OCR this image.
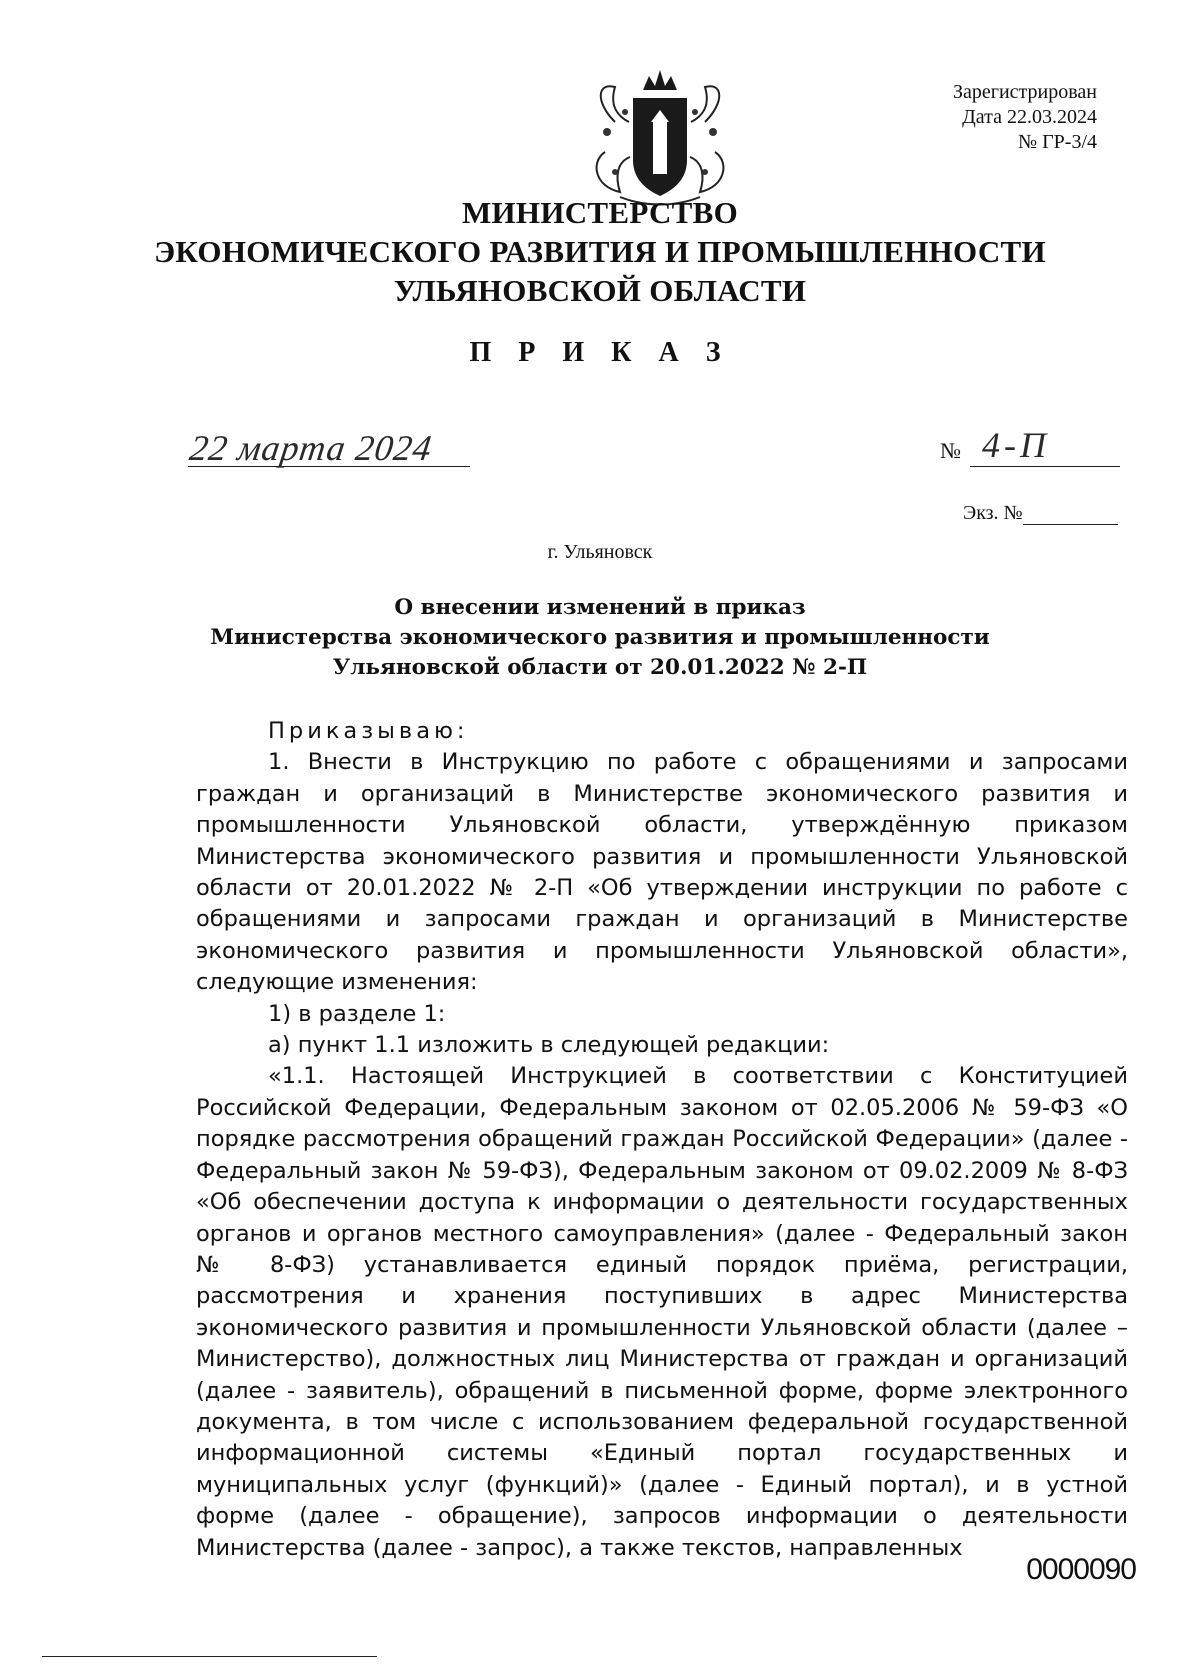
Зарегистрирован
Дата 22.03.2024
№ ГР-3/4
МИНИСТЕРСТВО
ЭКОНОМИЧЕСКОГО РАЗВИТИЯ И ПРОМЫШЛЕННОСТИ
УЛЬЯНОВСКОЙ ОБЛАСТИ
П Р И К А З
22 марта 2024	№ 4-П
Экз. №
г. Ульяновск
О внесении изменений в приказ
Министерства экономического развития и промышленности
Ульяновской области от 20.01.2022 № 2-П

Приказываю:

1. Внести в Инструкцию по работе с обращениями и запросами граждан и организаций в Министерстве экономического развития и промышленности Ульяновской области, утверждённую приказом Министерства экономического развития и промышленности Ульяновской области от 20.01.2022 № 2-П «Об утверждении инструкции по работе с обращениями и запросами граждан и организаций в Министерстве экономического развития и промышленности Ульяновской области», следующие изменения:

1) в разделе 1:

а) пункт 1.1 изложить в следующей редакции:

«1.1. Настоящей Инструкцией в соответствии с Конституцией Российской Федерации, Федеральным законом от 02.05.2006 № 59-ФЗ «О порядке рассмотрения обращений граждан Российской Федерации» (далее - Федеральный закон № 59-ФЗ), Федеральным законом от 09.02.2009 № 8-ФЗ «Об обеспечении доступа к информации о деятельности государственных органов и органов местного самоуправления» (далее - Федеральный закон № 8-ФЗ) устанавливается единый порядок приёма, регистрации, рассмотрения и хранения поступивших в адрес Министерства экономического развития и промышленности Ульяновской области (далее – Министерство), должностных лиц Министерства от граждан и организаций (далее - заявитель), обращений в письменной форме, форме электронного документа, в том числе с использованием федеральной государственной информационной системы «Единый портал государственных и муниципальных услуг (функций)» (далее - Единый портал), и в устной форме (далее - обращение), запросов информации о деятельности Министерства (далее - запрос), а также текстов, направленных

0000090
